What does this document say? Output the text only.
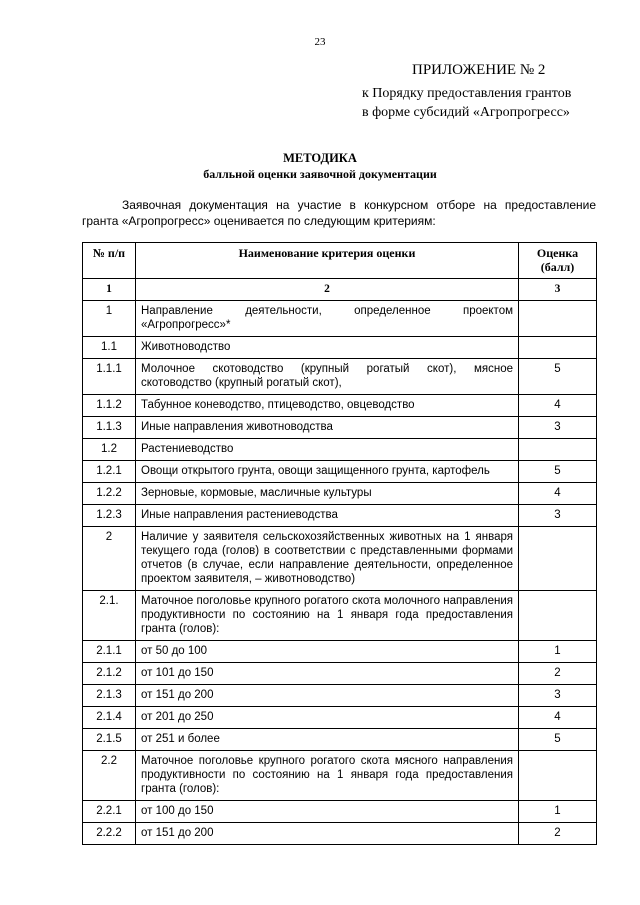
23
ПРИЛОЖЕНИЕ № 2
к Порядку предоставления грантов
в форме субсидий «Агропрогресс»
МЕТОДИКА
балльной оценки заявочной документации

Заявочная документация на участие в конкурсном отборе на предоставление гранта «Агропрогресс» оценивается по следующим критериям:

№ п/п	Наименование критерия оценки	Оценка (балл)
1	2	3
1	Направление деятельности, определенное проектом «Агропрогресс»*	
1.1	Животноводство	
1.1.1	Молочное скотоводство (крупный рогатый скот), мясное скотоводство (крупный рогатый скот),	5
1.1.2	Табунное коневодство, птицеводство, овцеводство	4
1.1.3	Иные направления животноводства	3
1.2	Растениеводство	
1.2.1	Овощи открытого грунта, овощи защищенного грунта, картофель	5
1.2.2	Зерновые, кормовые, масличные культуры	4
1.2.3	Иные направления растениеводства	3
2	Наличие у заявителя сельскохозяйственных животных на 1 января текущего года (голов) в соответствии с представленными формами отчетов (в случае, если направление деятельности, определенное проектом заявителя, – животноводство)	
2.1.	Маточное поголовье крупного рогатого скота молочного направления продуктивности по состоянию на 1 января года предоставления гранта (голов):	
2.1.1	от 50 до 100	1
2.1.2	от 101 до 150	2
2.1.3	от 151 до 200	3
2.1.4	от 201 до 250	4
2.1.5	от 251 и более	5
2.2	Маточное поголовье крупного рогатого скота мясного направления продуктивности по состоянию на 1 января года предоставления гранта (голов):	
2.2.1	от 100 до 150	1
2.2.2	от 151 до 200	2
